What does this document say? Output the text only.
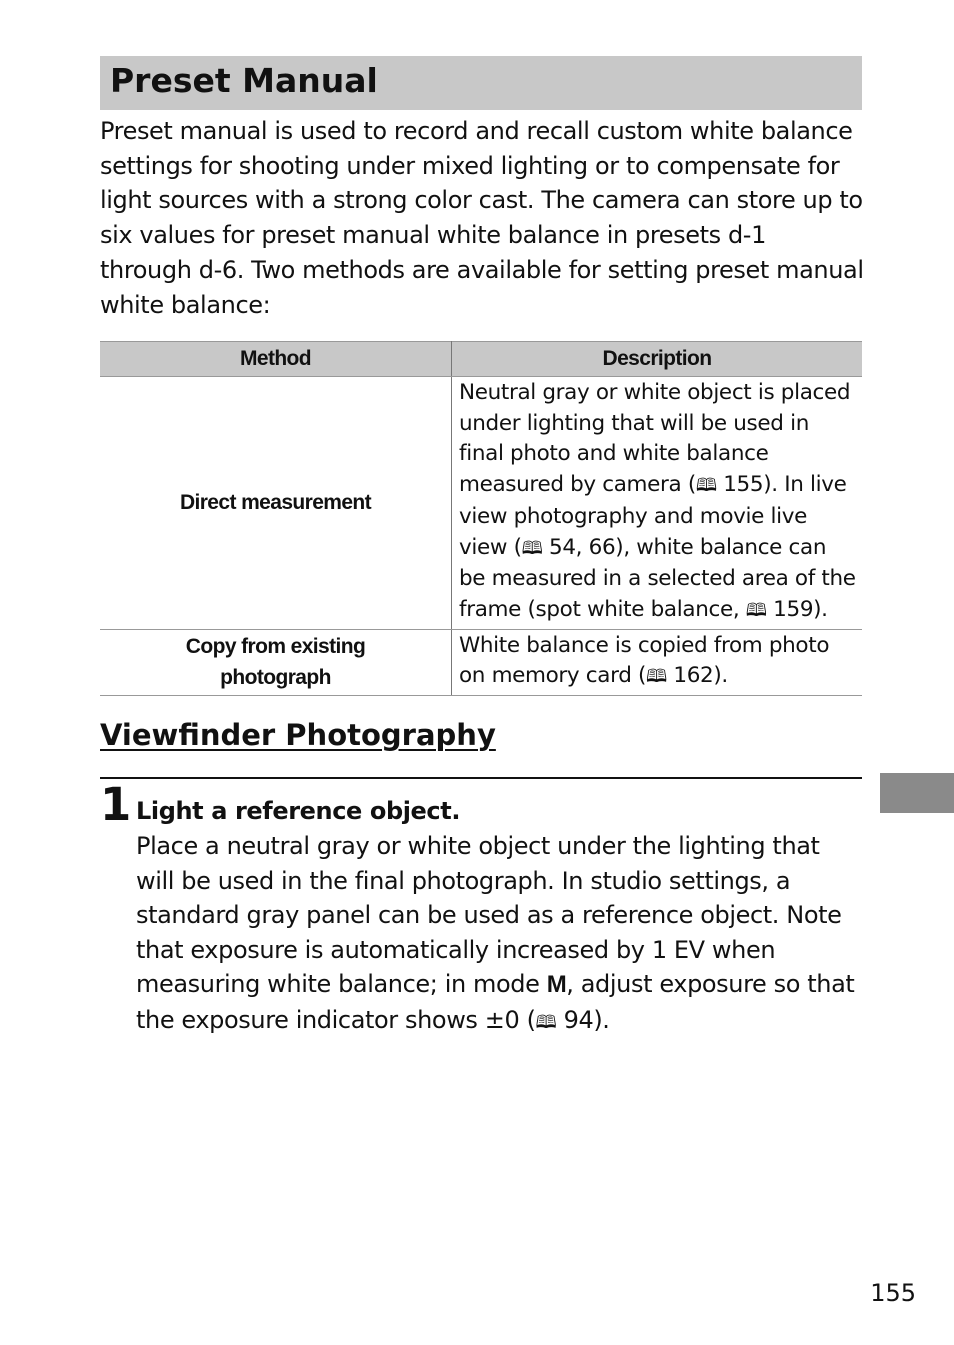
Preset Manual

Preset manual is used to record and recall custom white balance settings for shooting under mixed lighting or to compensate for light sources with a strong color cast. The camera can store up to six values for preset manual white balance in presets d-1 through d-6. Two methods are available for setting preset manual white balance:

Method	Description
Direct measurement	Neutral gray or white object is placed under lighting that will be used in final photo and white balance measured by camera (🕮 155). In live view photography and movie live view (🕮 54, 66), white balance can be measured in a selected area of the frame (spot white balance, 🕮 159).
Copy from existing photograph	White balance is copied from photo on memory card (🕮 162).
Viewfinder Photography
1 Light a reference object.

Place a neutral gray or white object under the lighting that will be used in the final photograph. In studio settings, a standard gray panel can be used as a reference object. Note that exposure is automatically increased by 1 EV when measuring white balance; in mode M, adjust exposure so that the exposure indicator shows ±0 (🕮 94).

155
